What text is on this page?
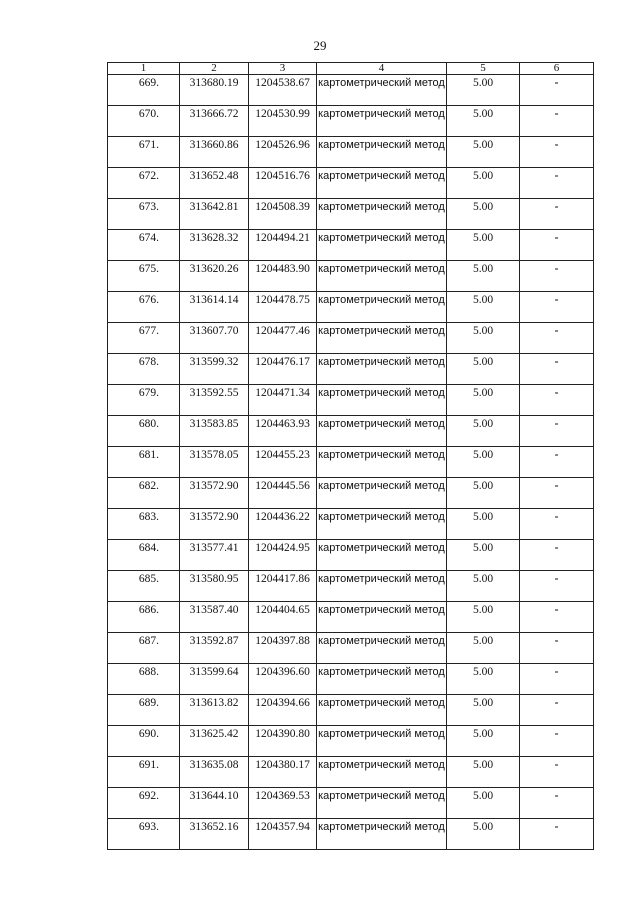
29
1	2	3	4	5	6
669.	313680.19	1204538.67	картометрический метод	5.00	-
670.	313666.72	1204530.99	картометрический метод	5.00	-
671.	313660.86	1204526.96	картометрический метод	5.00	-
672.	313652.48	1204516.76	картометрический метод	5.00	-
673.	313642.81	1204508.39	картометрический метод	5.00	-
674.	313628.32	1204494.21	картометрический метод	5.00	-
675.	313620.26	1204483.90	картометрический метод	5.00	-
676.	313614.14	1204478.75	картометрический метод	5.00	-
677.	313607.70	1204477.46	картометрический метод	5.00	-
678.	313599.32	1204476.17	картометрический метод	5.00	-
679.	313592.55	1204471.34	картометрический метод	5.00	-
680.	313583.85	1204463.93	картометрический метод	5.00	-
681.	313578.05	1204455.23	картометрический метод	5.00	-
682.	313572.90	1204445.56	картометрический метод	5.00	-
683.	313572.90	1204436.22	картометрический метод	5.00	-
684.	313577.41	1204424.95	картометрический метод	5.00	-
685.	313580.95	1204417.86	картометрический метод	5.00	-
686.	313587.40	1204404.65	картометрический метод	5.00	-
687.	313592.87	1204397.88	картометрический метод	5.00	-
688.	313599.64	1204396.60	картометрический метод	5.00	-
689.	313613.82	1204394.66	картометрический метод	5.00	-
690.	313625.42	1204390.80	картометрический метод	5.00	-
691.	313635.08	1204380.17	картометрический метод	5.00	-
692.	313644.10	1204369.53	картометрический метод	5.00	-
693.	313652.16	1204357.94	картометрический метод	5.00	-
